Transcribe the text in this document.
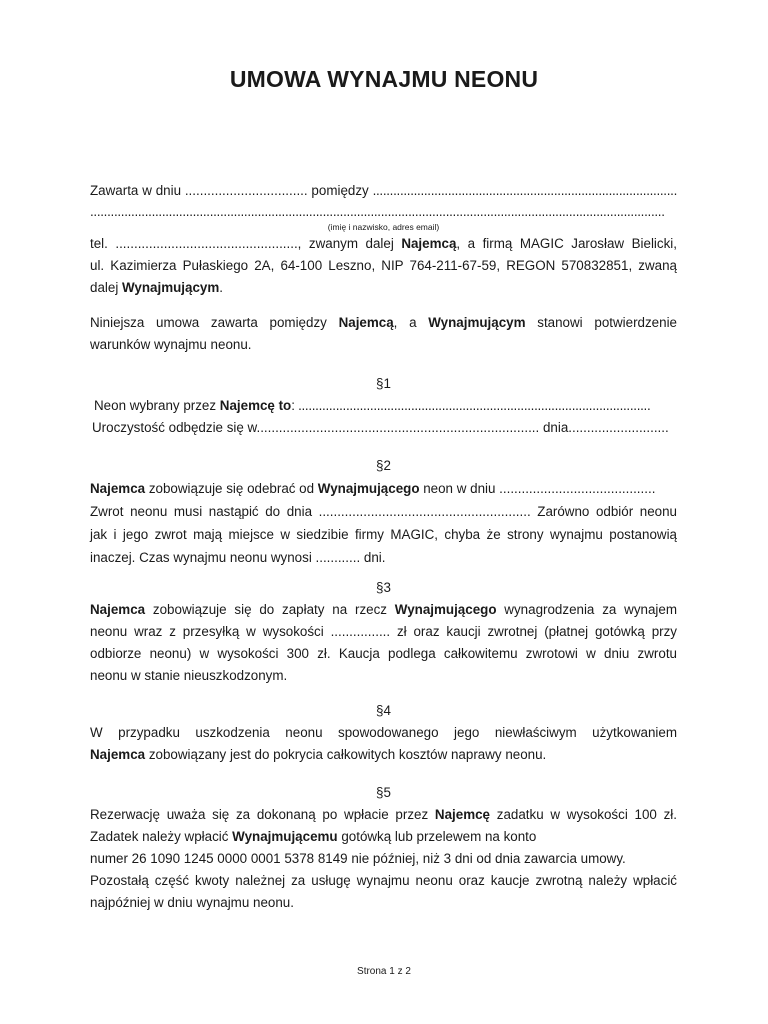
UMOWA WYNAJMU NEONU
Zawarta w dniu ................................. pomiędzy .........................................................................................
........................................................................................................................................................................
(imię i nazwisko, adres email)
tel. ................................................., zwanym dalej Najemcą, a firmą MAGIC Jarosław Bielicki,
ul. Kazimierza Pułaskiego 2A, 64-100 Leszno, NIP 764-211-67-59, REGON 570832851, zwaną
dalej Wynajmującym.
Niniejsza umowa zawarta pomiędzy Najemcą, a Wynajmującym stanowi potwierdzenie
warunków wynajmu neonu.
§1
Neon wybrany przez Najemcę to: .......................................................................................................
Uroczystość odbędzie się w............................................................................ dnia...........................
§2
Najemca zobowiązuje się odebrać od Wynajmującego neon w dniu ..........................................
Zwrot neonu musi nastąpić do dnia ......................................................... Zarówno odbiór neonu
jak i jego zwrot mają miejsce w siedzibie firmy MAGIC, chyba że strony wynajmu postanowią
inaczej. Czas wynajmu neonu wynosi ............ dni.
§3
Najemca zobowiązuje się do zapłaty na rzecz Wynajmującego wynagrodzenia za wynajem
neonu wraz z przesyłką w wysokości ................ zł oraz kaucji zwrotnej (płatnej gotówką przy
odbiorze neonu) w wysokości 300 zł. Kaucja podlega całkowitemu zwrotowi w dniu zwrotu
neonu w stanie nieuszkodzonym.
§4
W przypadku uszkodzenia neonu spowodowanego jego niewłaściwym użytkowaniem
Najemca zobowiązany jest do pokrycia całkowitych kosztów naprawy neonu.
§5
Rezerwację uważa się za dokonaną po wpłacie przez Najemcę zadatku w wysokości 100 zł.
Zadatek należy wpłacić Wynajmującemu gotówką lub przelewem na konto
numer 26 1090 1245 0000 0001 5378 8149 nie później, niż 3 dni od dnia zawarcia umowy.
Pozostałą część kwoty należnej za usługę wynajmu neonu oraz kaucje zwrotną należy wpłacić
najpóźniej w dniu wynajmu neonu.
Strona 1 z 2
